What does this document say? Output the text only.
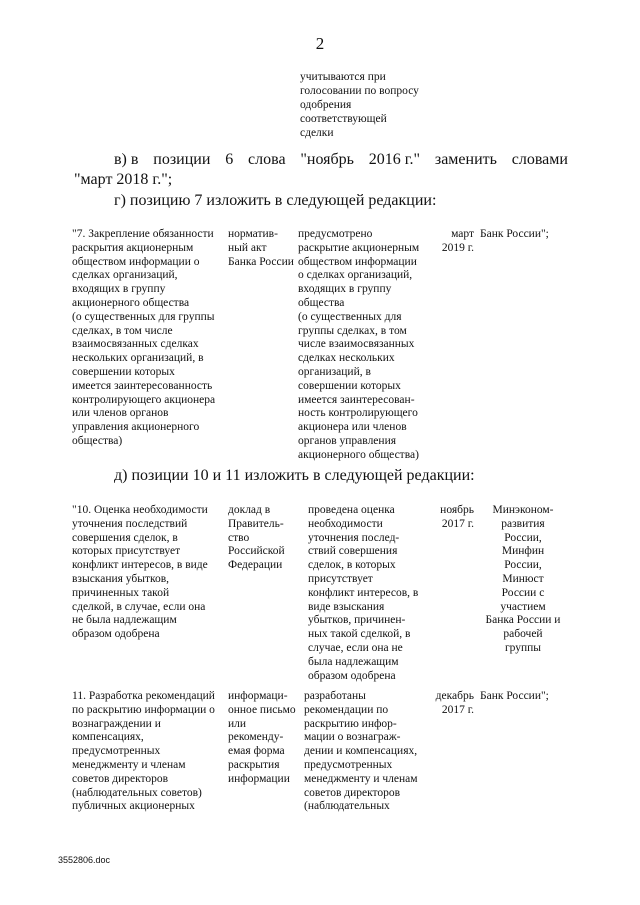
2
учитываются при
голосовании по вопросу
одобрения
соответствующей
сделки
в) в позиции 6 слова "ноябрь 2016 г." заменить словами
"март 2018 г.";
г) позицию 7 изложить в следующей редакции:
"7. Закрепление обязанности
раскрытия акционерным
обществом информации о
сделках организаций,
входящих в группу
акционерного общества
(о существенных для группы
сделках, в том числе
взаимосвязанных сделках
нескольких организаций, в
совершении которых
имеется заинтересованность
контролирующего акционера
или членов органов
управления акционерного
общества)
норматив-
ный акт
Банка России
предусмотрено
раскрытие акционерным
обществом информации
о сделках организаций,
входящих в группу
общества
(о существенных для
группы сделках, в том
числе взаимосвязанных
сделках нескольких
организаций, в
совершении которых
имеется заинтересован-
ность контролирующего
акционера или членов
органов управления
акционерного общества)
март
2019 г.
Банк России";
д) позиции 10 и 11 изложить в следующей редакции:
"10. Оценка необходимости
уточнения последствий
совершения сделок, в
которых присутствует
конфликт интересов, в виде
взыскания убытков,
причиненных такой
сделкой, в случае, если она
не была надлежащим
образом одобрена
доклад в
Правитель-
ство
Российской
Федерации
проведена оценка
необходимости
уточнения послед-
ствий совершения
сделок, в которых
присутствует
конфликт интересов, в
виде взыскания
убытков, причинен-
ных такой сделкой, в
случае, если она не
была надлежащим
образом одобрена
ноябрь
2017 г.
Минэконом-
развития
России,
Минфин
России,
Минюст
России с
участием
Банка России и
рабочей
группы
11. Разработка рекомендаций
по раскрытию информации о
вознаграждении и
компенсациях,
предусмотренных
менеджменту и членам
советов директоров
(наблюдательных советов)
публичных акционерных
информаци-
онное письмо
или
рекоменду-
емая форма
раскрытия
информации
разработаны
рекомендации по
раскрытию инфор-
мации о вознаграж-
дении и компенсациях,
предусмотренных
менеджменту и членам
советов директоров
(наблюдательных
декабрь
2017 г.
Банк России";
3552806.doc
